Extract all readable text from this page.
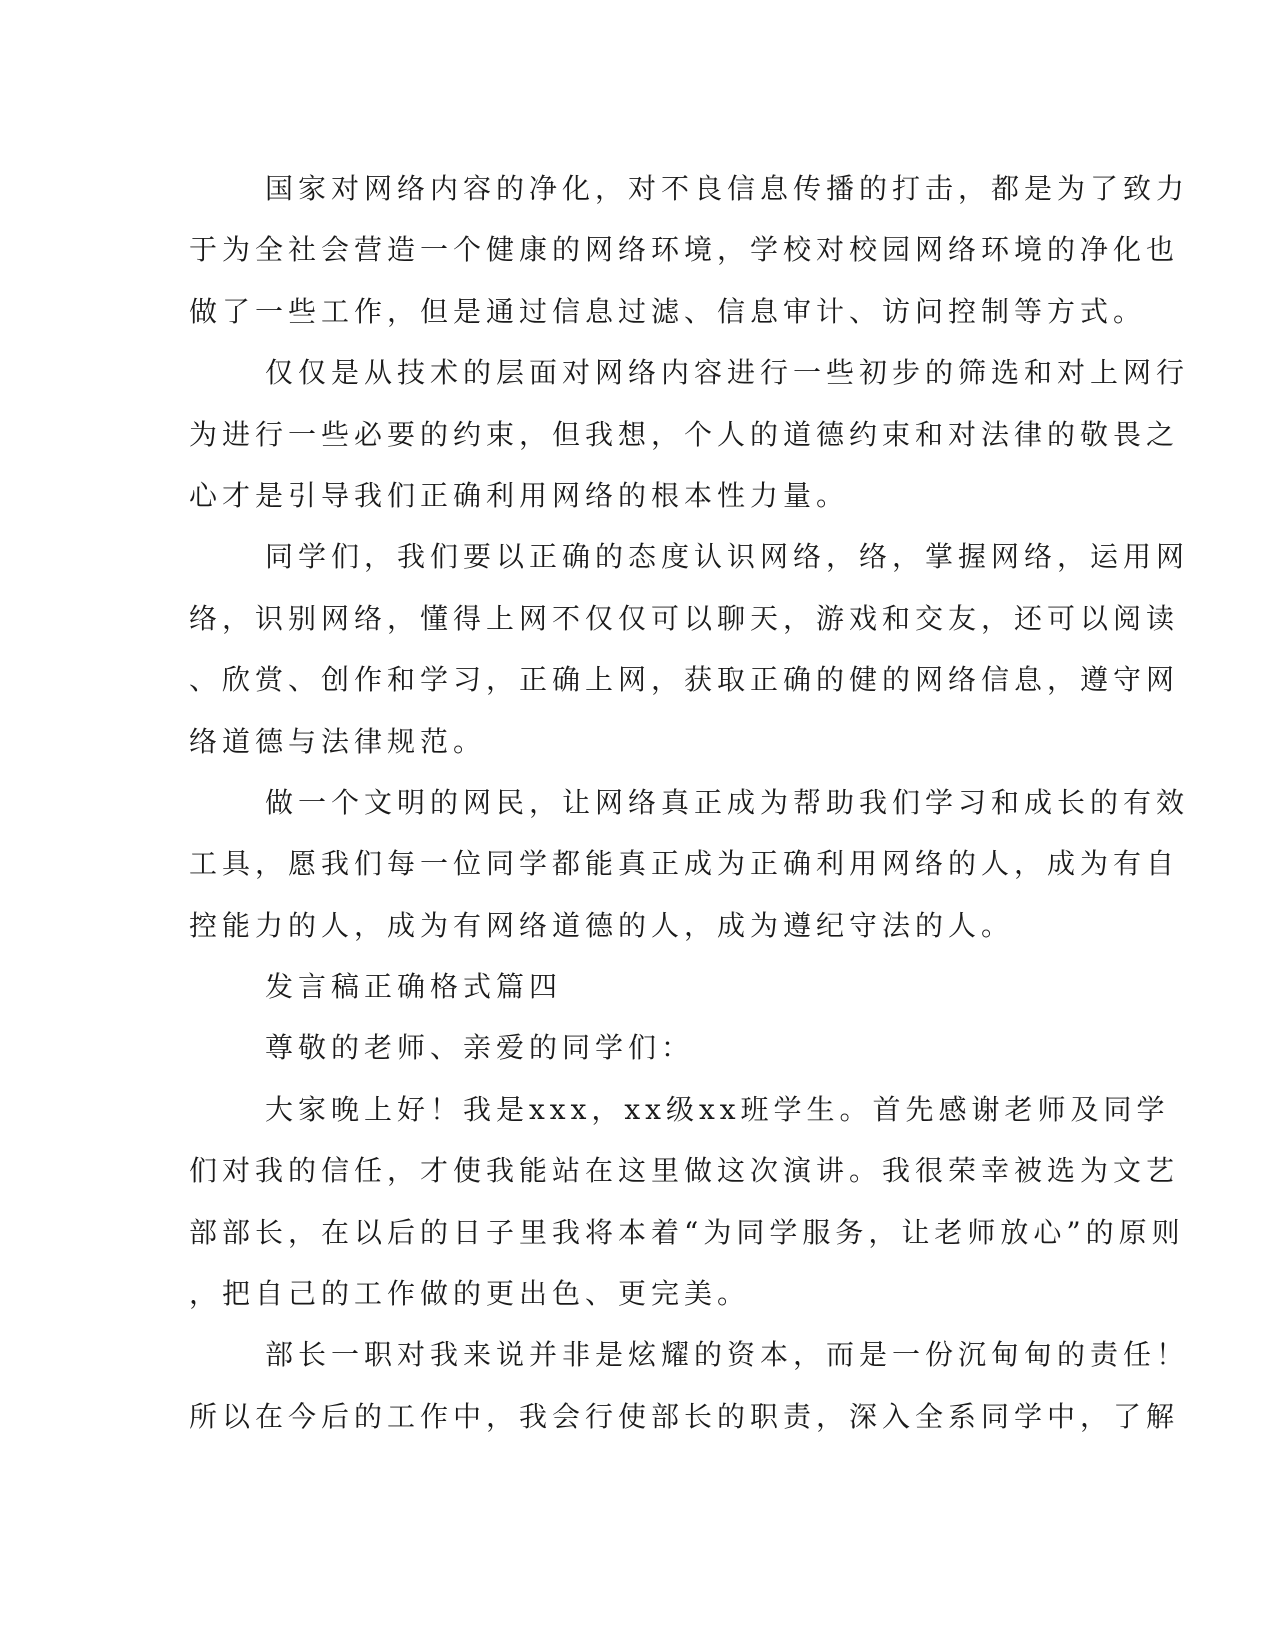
国家对网络内容的净化，对不良信息传播的打击，都是为了致力
于为全社会营造一个健康的网络环境，学校对校园网络环境的净化也
做了一些工作，但是通过信息过滤、信息审计、访问控制等方式。
仅仅是从技术的层面对网络内容进行一些初步的筛选和对上网行
为进行一些必要的约束，但我想，个人的道德约束和对法律的敬畏之
心才是引导我们正确利用网络的根本性力量。
同学们，我们要以正确的态度认识网络，络，掌握网络，运用网
络，识别网络，懂得上网不仅仅可以聊天，游戏和交友，还可以阅读
、欣赏、创作和学习，正确上网，获取正确的健的网络信息，遵守网
络道德与法律规范。
做一个文明的网民，让网络真正成为帮助我们学习和成长的有效
工具，愿我们每一位同学都能真正成为正确利用网络的人，成为有自
控能力的人，成为有网络道德的人，成为遵纪守法的人。
发言稿正确格式篇四
尊敬的老师、亲爱的同学们：
大家晚上好！我是xxx，xx级xx班学生。首先感谢老师及同学
们对我的信任，才使我能站在这里做这次演讲。我很荣幸被选为文艺
部部长，在以后的日子里我将本着“为同学服务，让老师放心”的原则
，把自己的工作做的更出色、更完美。
部长一职对我来说并非是炫耀的资本，而是一份沉甸甸的责任！
所以在今后的工作中，我会行使部长的职责，深入全系同学中，了解
